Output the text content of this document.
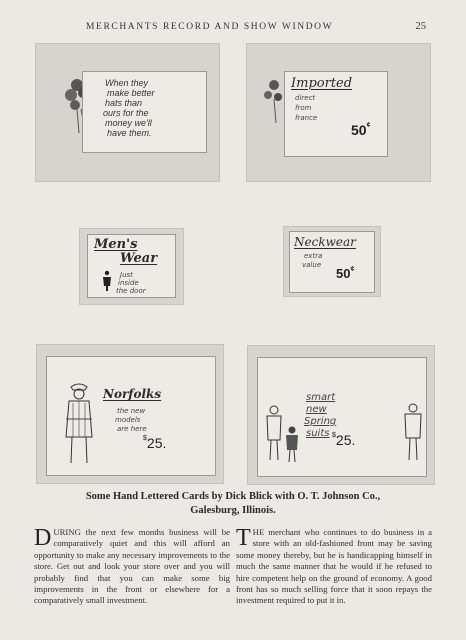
MERCHANTS RECORD AND SHOW WINDOW	25
When they
make better
hats than
ours for the
money we'll
have them.
Imported
direct
from
france
50¢
Men's
Wear
Just
inside
the door
Neckwear
extra
value
50¢
Norfolks
the new
models
are here
$25.
smart
new
Spring
suits $25.
Some Hand Lettered Cards by Dick Blick with O. T. Johnson Co.,
Galesburg, Illinois.

DURING the next few months business will be comparatively quiet and this will afford an opportunity to make any necessary improvements to the store. Get out and look your store over and you will probably find that you can make some big improvements in the front or elsewhere for a comparatively small investment.

THE merchant who continues to do business in a store with an old-fashioned front may be saving some money thereby, but he is handicapping himself in much the same manner that he would if he refused to hire competent help on the ground of economy. A good front has so much selling force that it soon repays the investment required to put it in.
